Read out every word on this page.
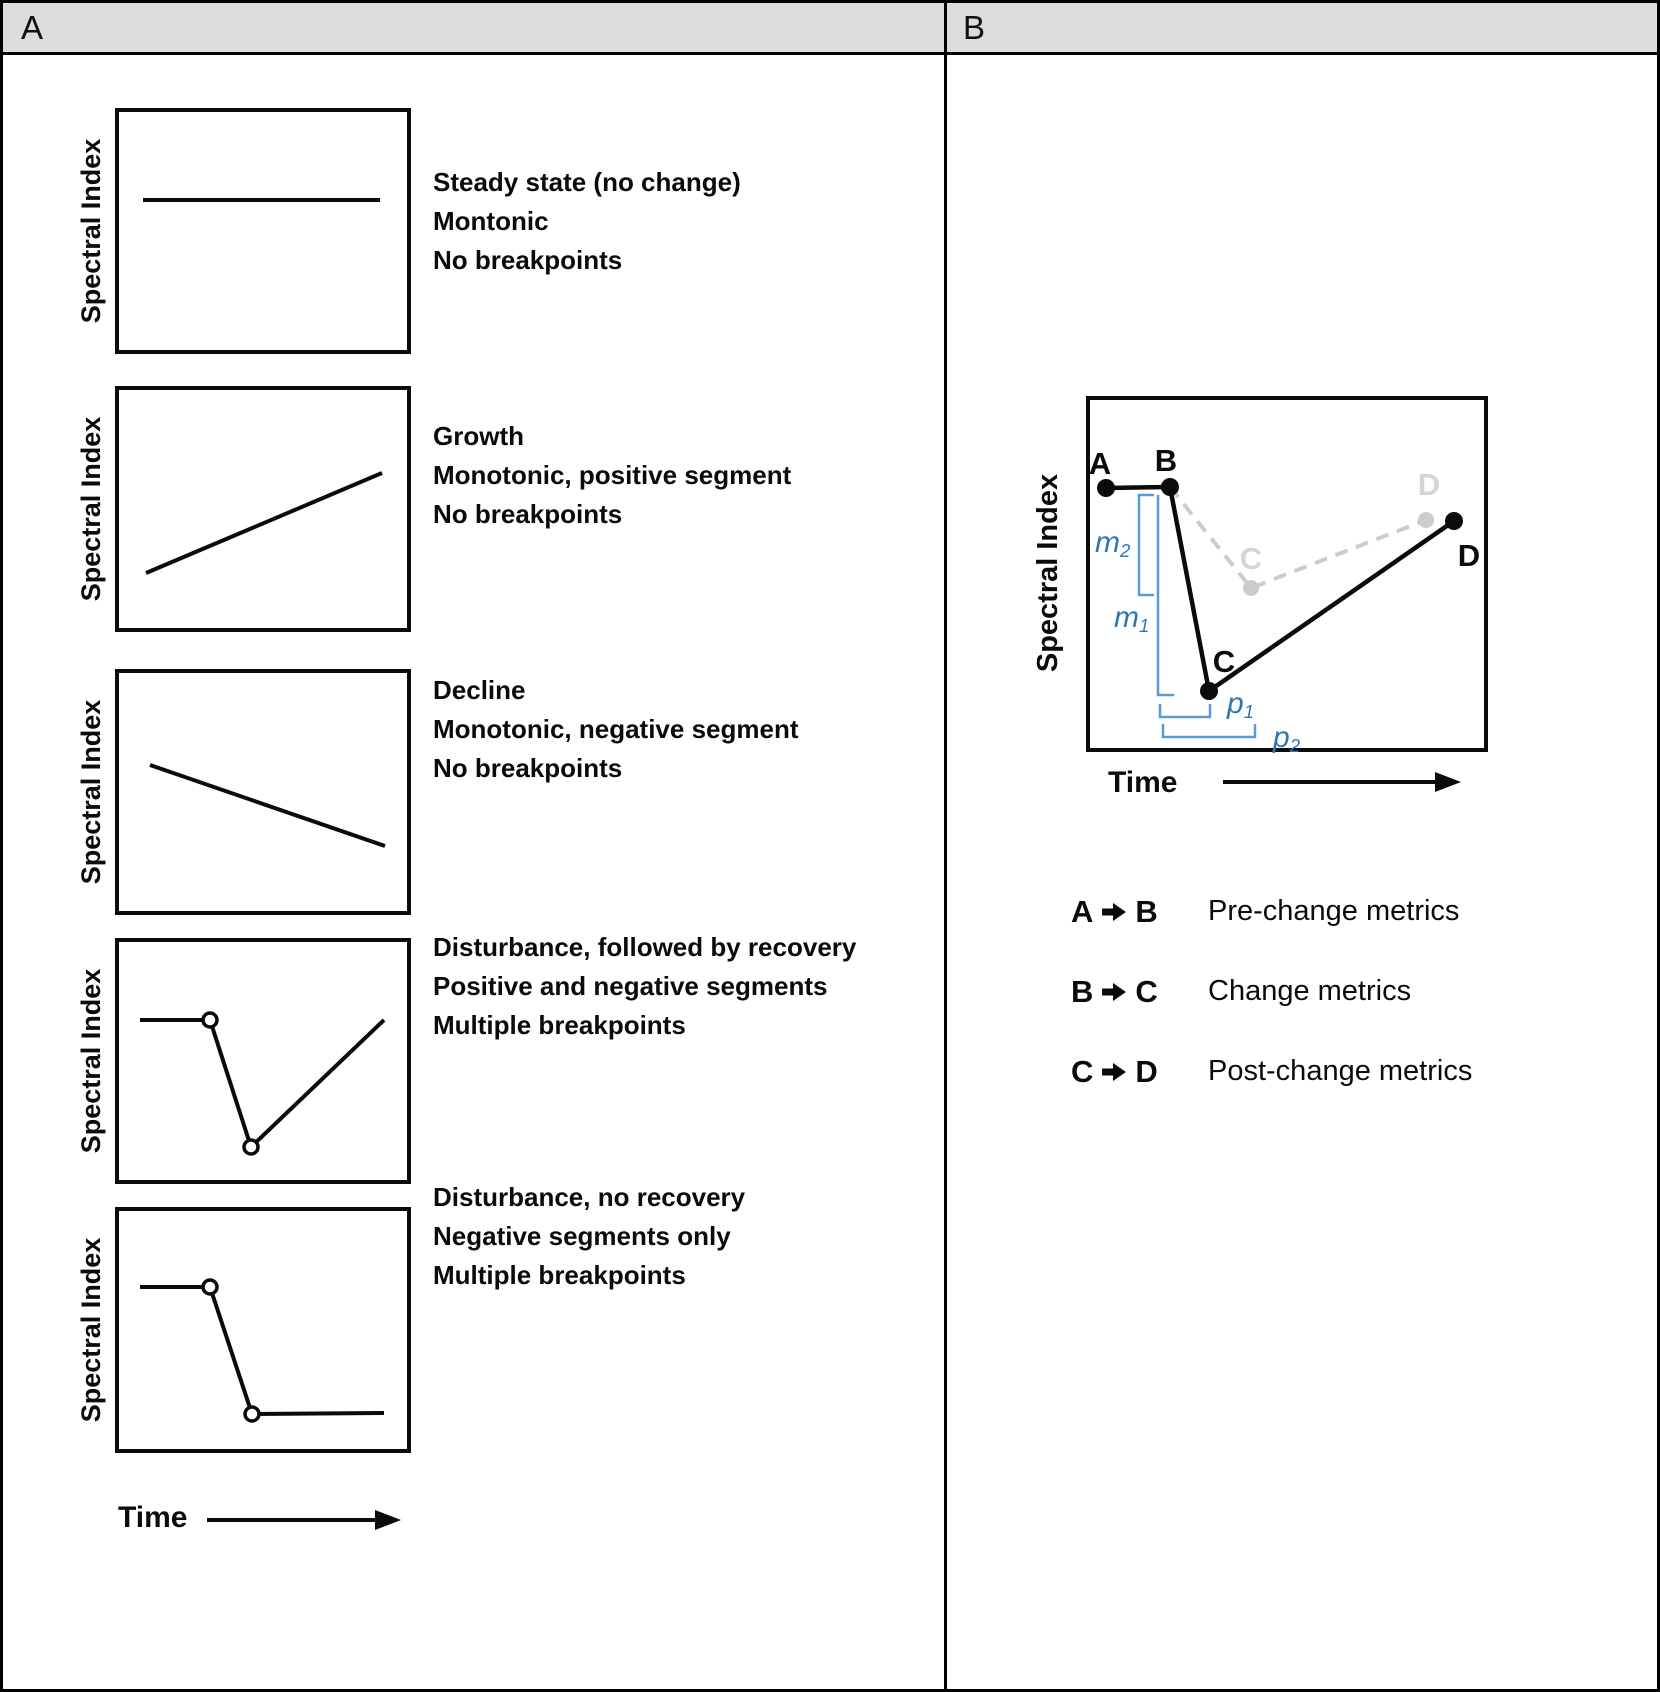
A	B
Spectral Index	Steady state (no change)
Montonic
No breakpoints
Spectral Index	Growth
Monotonic, positive segment
No breakpoints
Spectral Index
Decline
Monotonic, negative segment
No breakpoints
Spectral Index
Disturbance, followed by recovery
Positive and negative segments
Multiple breakpoints
Spectral Index
Disturbance, no recovery
Negative segments only
Multiple breakpoints
Time
Spectral Index	C
D
A B
C
D
$m_2$
$m_1$
$p_1$
$p_2$
Time
A B Pre-change metrics
B C Change metrics
C D Post-change metrics
